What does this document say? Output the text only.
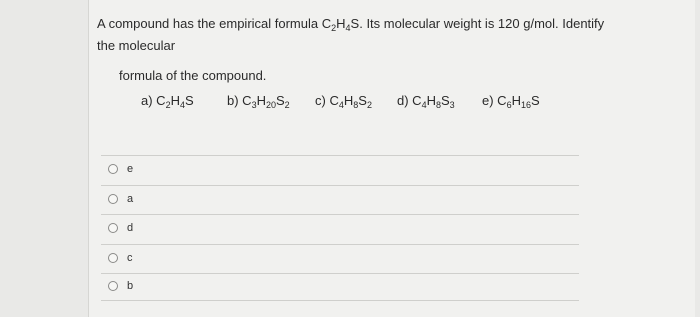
A compound has the empirical formula $C_2H_4S$. Its molecular weight is 120 g/mol. Identify
the molecular
formula of the compound.
a) $C_2H_4S$	b) $C_3H_{20}S_2$ c) $C_4H_8S_2$ d) $C_4H_8S_3$ e) $C_6H_{16}S$
e
a
d
c
b
